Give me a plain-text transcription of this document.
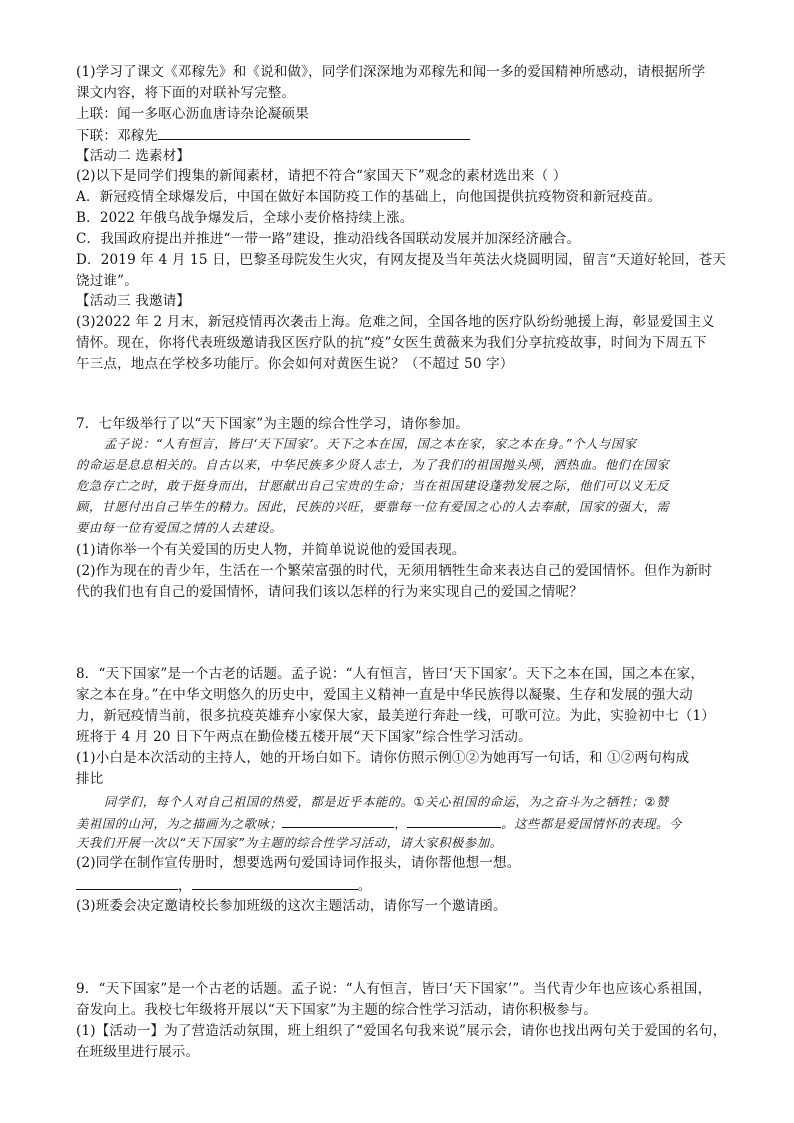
(1)学习了课文《邓稼先》和《说和做》，同学们深深地为邓稼先和闻一多的爱国精神所感动，请根据所学
课文内容，将下面的对联补写完整。
上联：闻一多呕心沥血唐诗杂论凝硕果
下联：邓稼先
【活动二 选素材】
(2)以下是同学们搜集的新闻素材，请把不符合“家国天下”观念的素材选出来（ ）
A．新冠疫情全球爆发后，中国在做好本国防疫工作的基础上，向他国提供抗疫物资和新冠疫苗。
B．2022 年俄乌战争爆发后，全球小麦价格持续上涨。
C．我国政府提出并推进“一带一路”建设，推动沿线各国联动发展并加深经济融合。
D．2019 年 4 月 15 日，巴黎圣母院发生火灾，有网友提及当年英法火烧圆明园，留言“天道好轮回，苍天
饶过谁”。
【活动三 我邀请】
(3)2022 年 2 月末，新冠疫情再次袭击上海。危难之间，全国各地的医疗队纷纷驰援上海，彰显爱国主义
情怀。现在，你将代表班级邀请我区医疗队的抗“疫”女医生黄薇来为我们分享抗疫故事，时间为下周五下
午三点，地点在学校多功能厅。你会如何对黄医生说？（不超过 50 字）
7．七年级举行了以“天下国家”为主题的综合性学习，请你参加。
孟子说：“人有恒言，皆曰‘天下国家’。天下之本在国，国之本在家，家之本在身。”个人与国家
的命运是息息相关的。自古以来，中华民族多少贤人志士，为了我们的祖国抛头颅，洒热血。他们在国家
危急存亡之时，敢于挺身而出，甘愿献出自己宝贵的生命；当在祖国建设蓬勃发展之际，他们可以义无反
顾，甘愿付出自己毕生的精力。因此，民族的兴旺，要靠每一位有爱国之心的人去奉献，国家的强大，需
要由每一位有爱国之情的人去建设。
(1)请你举一个有关爱国的历史人物，并简单说说他的爱国表现。
(2)作为现在的青少年，生活在一个繁荣富强的时代，无须用牺牲生命来表达自己的爱国情怀。但作为新时
代的我们也有自己的爱国情怀，请问我们该以怎样的行为来实现自己的爱国之情呢？
8．“天下国家”是一个古老的话题。孟子说：“人有恒言，皆曰‘天下国家’。天下之本在国，国之本在家，
家之本在身。”在中华文明悠久的历史中，爱国主义精神一直是中华民族得以凝聚、生存和发展的强大动
力，新冠疫情当前，很多抗疫英雄弃小家保大家，最美逆行奔赴一线，可歌可泣。为此，实验初中七（1）
班将于 4 月 20 日下午两点在勤俭楼五楼开展“天下国家”综合性学习活动。
(1)小白是本次活动的主持人，她的开场白如下。请你仿照示例①②为她再写一句话，和 ①②两句构成
排比
同学们，每个人对自己祖国的热爱，都是近乎本能的。①关心祖国的命运，为之奋斗为之牺牲；②赞
美祖国的山河，为之描画为之歌咏；	，	。这些都是爱国情怀的表现。今
天我们开展一次以“天下国家”为主题的综合性学习活动，请大家积极参加。
(2)同学在制作宣传册时，想要选两句爱国诗词作报头，请你帮他想一想。
，	。
(3)班委会决定邀请校长参加班级的这次主题活动，请你写一个邀请函。
9．“天下国家”是一个古老的话题。孟子说：“人有恒言，皆曰‘天下国家’”。当代青少年也应该心系祖国，
奋发向上。我校七年级将开展以“天下国家”为主题的综合性学习活动，请你积极参与。
(1)【活动一】为了营造活动氛围，班上组织了“爱国名句我来说”展示会，请你也找出两句关于爱国的名句，
在班级里进行展示。
